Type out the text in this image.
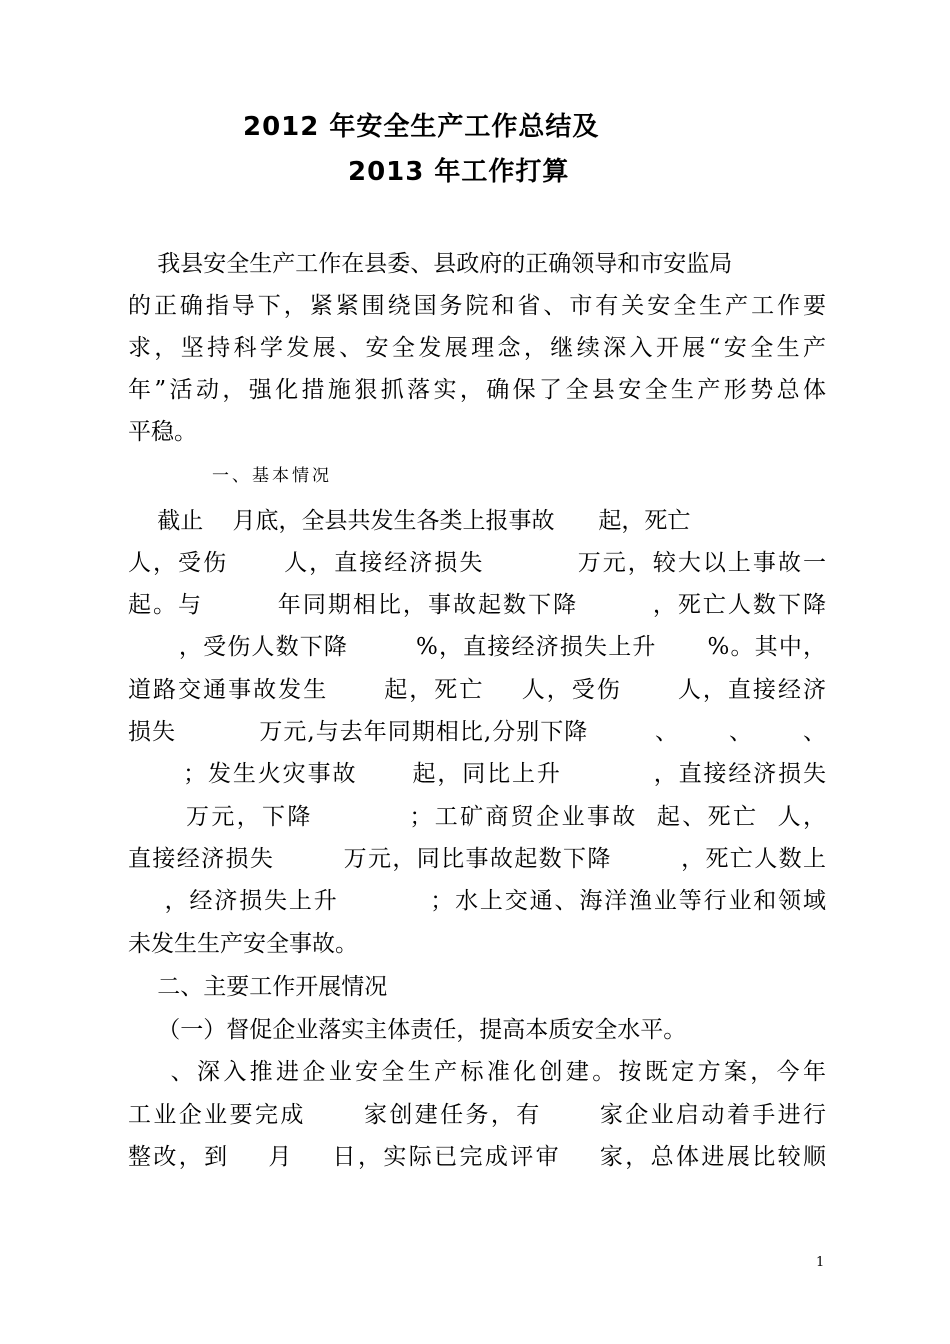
2012 年安全生产工作总结及
2013 年工作打算
我县安全生产工作在县委、县政府的正确领导和市安监局
的正确指导下，紧紧围绕国务院和省、市有关安全生产工作要
求，坚持科学发展、安全发展理念，继续深入开展“安全生产
年”活动，强化措施狠抓落实，确保了全县安全生产形势总体
平稳。
一、基本情况
截止    月底，全县共发生各类上报事故      起，死亡
人，受伤      人，直接经济损失          万元，较大以上事故一
起。与        年同期相比，事故起数下降        ，死亡人数下降
，受伤人数下降        %，直接经济损失上升      %。其中，
道路交通事故发生      起，死亡    人，受伤      人，直接经济
损失          万元,与去年同期相比,分别下降        、      、      、
；发生火灾事故      起，同比上升          ，直接经济损失
万元，下降          ；工矿商贸企业事故  起、死亡  人，
直接经济损失        万元，同比事故起数下降        ，死亡人数上
，经济损失上升          ；水上交通、海洋渔业等行业和领域
未发生生产安全事故。
二、主要工作开展情况
（一）督促企业落实主体责任，提高本质安全水平。
、深入推进企业安全生产标准化创建。按既定方案，今年
工业企业要完成      家创建任务，有      家企业启动着手进行
整改，到    月    日，实际已完成评审    家，总体进展比较顺
1
